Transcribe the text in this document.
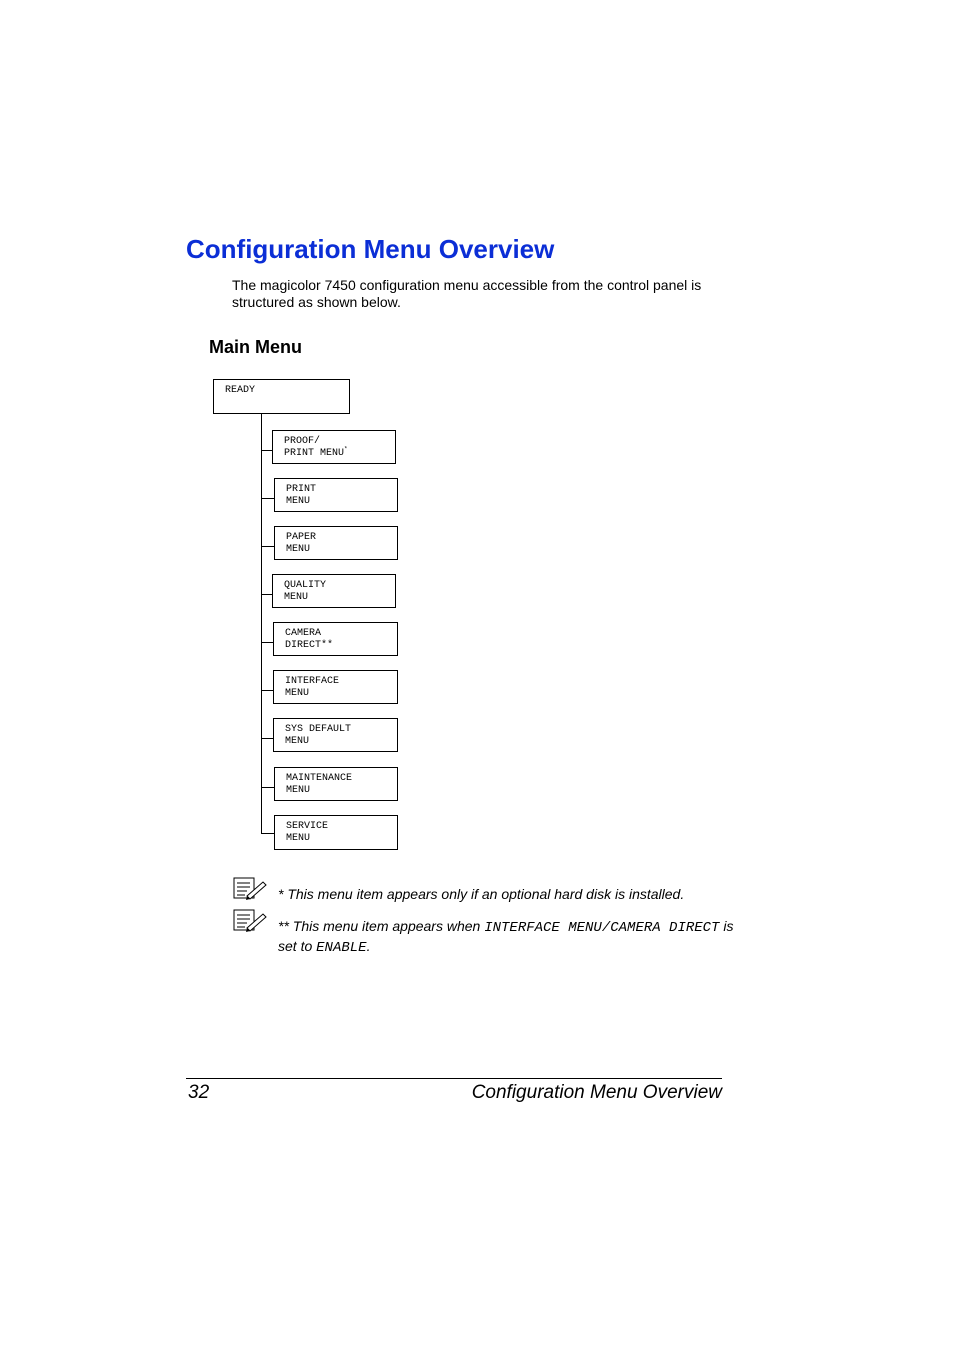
Configuration Menu Overview

The magicolor 7450 configuration menu accessible from the control panel is structured as shown below.

Main Menu
READY
PROOF/
PRINT MENU*
PRINT
MENU
PAPER
MENU
QUALITY
MENU
CAMERA
DIRECT**
INTERFACE
MENU
SYS DEFAULT
MENU
MAINTENANCE
MENU
SERVICE
MENU

* This menu item appears only if an optional hard disk is installed.

** This menu item appears when INTERFACE MENU/CAMERA DIRECT is set to ENABLE.

32	Configuration Menu Overview
